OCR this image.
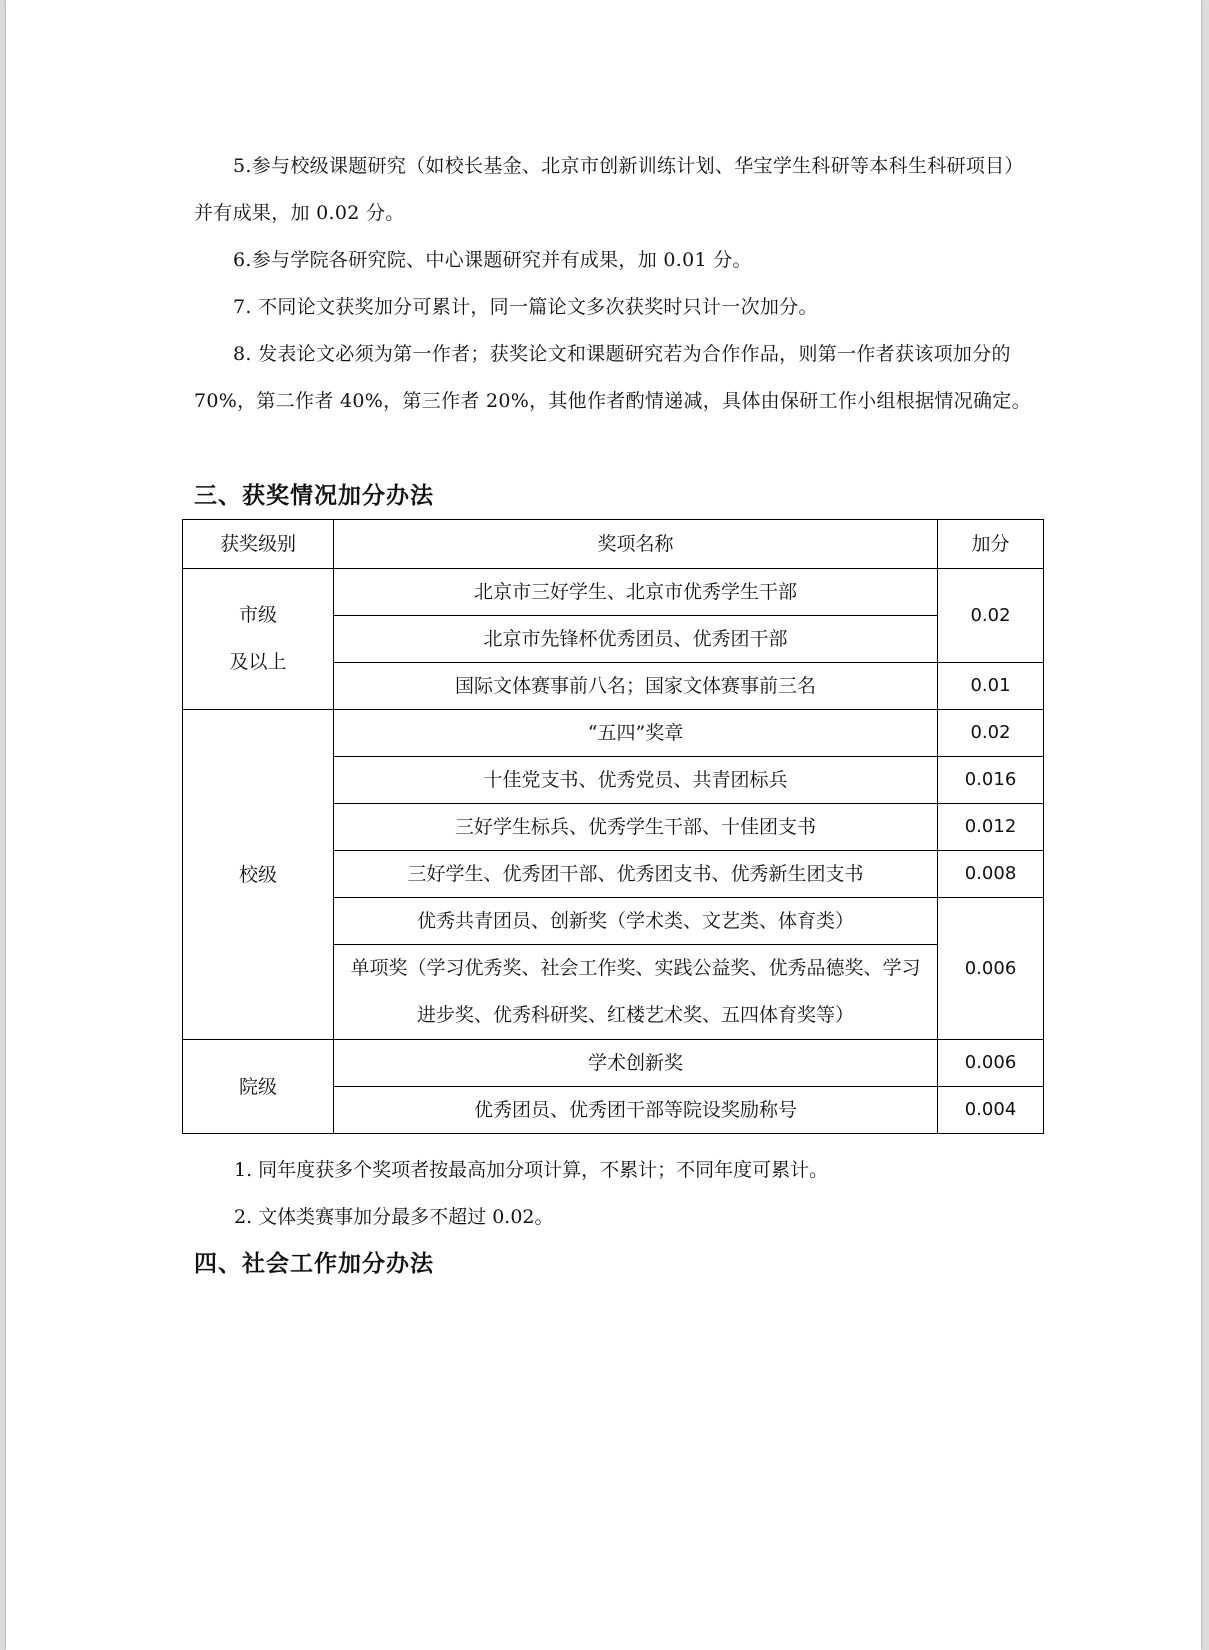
5.参与校级课题研究（如校长基金、北京市创新训练计划、华宝学生科研等本科生科研项目）并有成果，加 0.02 分。

6.参与学院各研究院、中心课题研究并有成果，加 0.01 分。

7. 不同论文获奖加分可累计，同一篇论文多次获奖时只计一次加分。

8. 发表论文必须为第一作者；获奖论文和课题研究若为合作作品，则第一作者获该项加分的 70%，第二作者 40%，第三作者 20%，其他作者酌情递减，具体由保研工作小组根据情况确定。

三、获奖情况加分办法
获奖级别	奖项名称	加分

市级
及以上	北京市三好学生、北京市优秀学生干部	0.02
	北京市先锋杯优秀团员、优秀团干部	
	国际文体赛事前八名；国家文体赛事前三名	0.01
校级	“五四”奖章	0.02
	十佳党支书、优秀党员、共青团标兵	0.016
	三好学生标兵、优秀学生干部、十佳团支书	0.012
	三好学生、优秀团干部、优秀团支书、优秀新生团支书	0.008
	优秀共青团员、创新奖（学术类、文艺类、体育类）	0.006
	单项奖（学习优秀奖、社会工作奖、实践公益奖、优秀品德奖、学习进步奖、优秀科研奖、红楼艺术奖、五四体育奖等）	
院级	学术创新奖	0.006
	优秀团员、优秀团干部等院设奖励称号	0.004

1. 同年度获多个奖项者按最高加分项计算，不累计；不同年度可累计。

2. 文体类赛事加分最多不超过 0.02。

四、社会工作加分办法
